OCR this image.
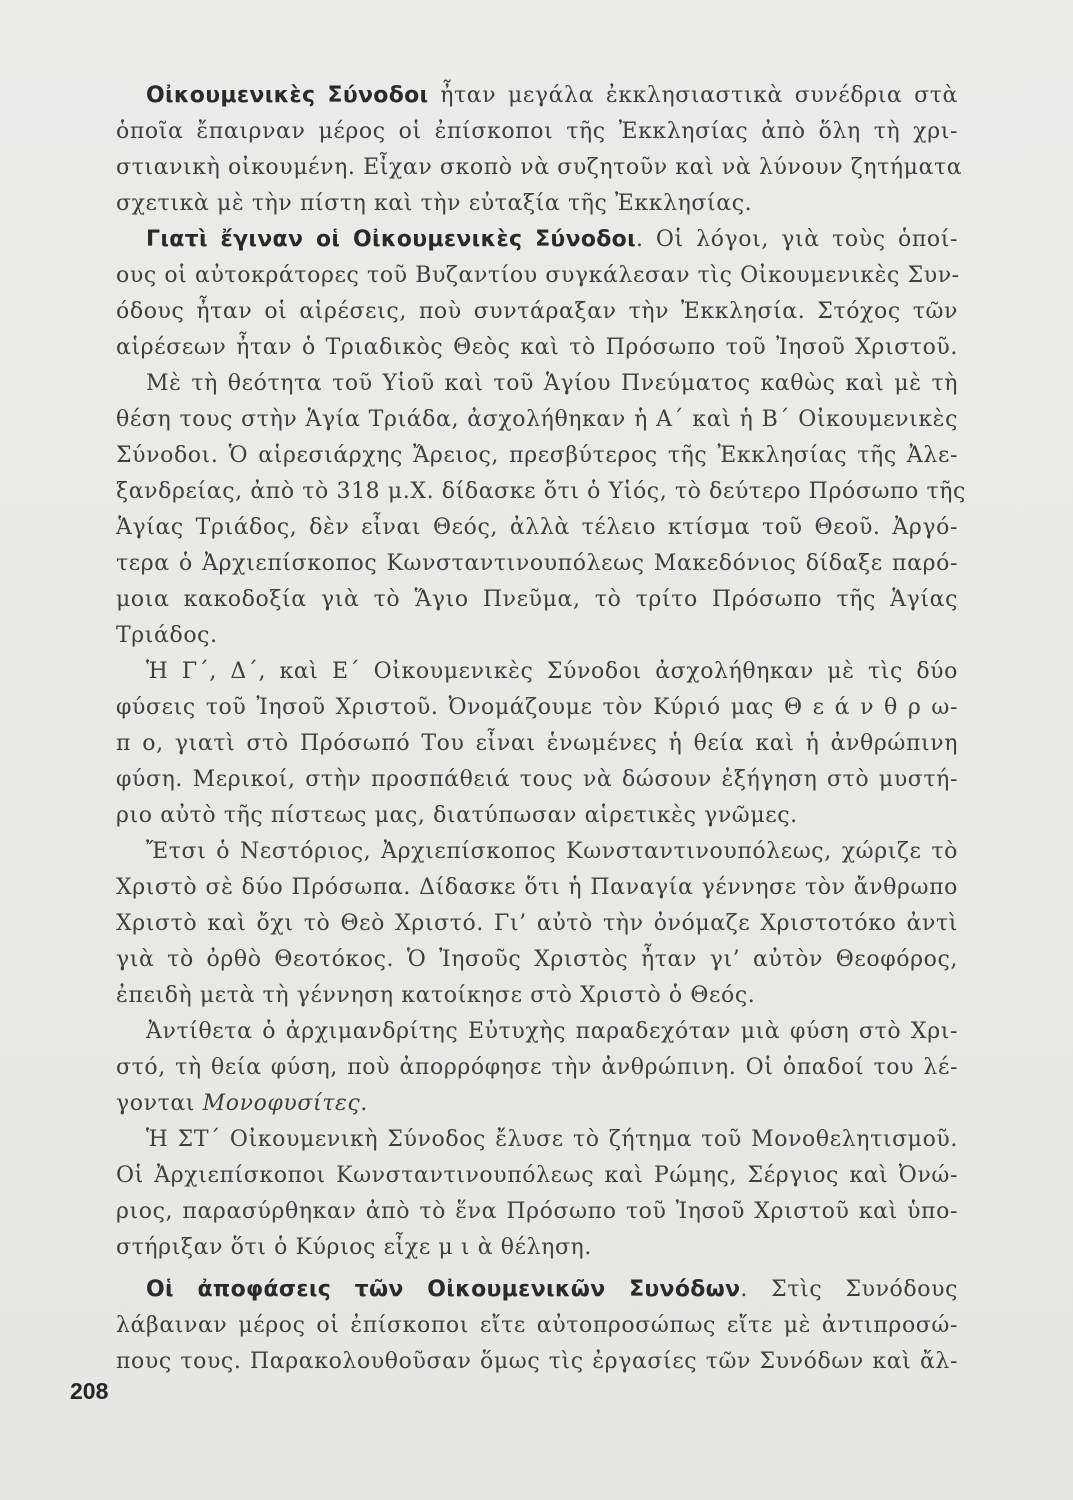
Οἰκουμενικὲς Σύνοδοι ἦταν μεγάλα ἐκκλησιαστικὰ συνέδρια στὰ
ὁποῖα ἔπαιρναν μέρος οἱ ἐπίσκοποι τῆς Ἐκκλησίας ἀπὸ ὅλη τὴ χρι-
στιανικὴ οἰκουμένη. Εἶχαν σκοπὸ νὰ συζητοῦν καὶ νὰ λύνουν ζητήματα
σχετικὰ μὲ τὴν πίστη καὶ τὴν εὐταξία τῆς Ἐκκλησίας.
Γιατὶ ἔγιναν οἱ Οἰκουμενικὲς Σύνοδοι. Οἱ λόγοι, γιὰ τοὺς ὁποί-
ους οἱ αὐτοκράτορες τοῦ Βυζαντίου συγκάλεσαν τὶς Οἰκουμενικὲς Συν-
όδους ἦταν οἱ αἱρέσεις, ποὺ συντάραξαν τὴν Ἐκκλησία. Στόχος τῶν
αἱρέσεων ἦταν ὁ Τριαδικὸς Θεὸς καὶ τὸ Πρόσωπο τοῦ Ἰησοῦ Χριστοῦ.
Μὲ τὴ θεότητα τοῦ Υἱοῦ καὶ τοῦ Ἁγίου Πνεύματος καθὼς καὶ μὲ τὴ
θέση τους στὴν Ἁγία Τριάδα, ἀσχολήθηκαν ἡ Α΄ καὶ ἡ Β΄ Οἰκουμενικὲς
Σύνοδοι. Ὁ αἱρεσιάρχης Ἄρειος, πρεσβύτερος τῆς Ἐκκλησίας τῆς Ἀλε-
ξανδρείας, ἀπὸ τὸ 318 μ.Χ. δίδασκε ὅτι ὁ Υἱός, τὸ δεύτερο Πρόσωπο τῆς
Ἁγίας Τριάδος, δὲν εἶναι Θεός, ἀλλὰ τέλειο κτίσμα τοῦ Θεοῦ. Ἀργό-
τερα ὁ Ἀρχιεπίσκοπος Κωνσταντινουπόλεως Μακεδόνιος δίδαξε παρό-
μοια κακοδοξία γιὰ τὸ Ἅγιο Πνεῦμα, τὸ τρίτο Πρόσωπο τῆς Ἁγίας
Τριάδος.
Ἡ Γ΄, Δ΄, καὶ Ε΄ Οἰκουμενικὲς Σύνοδοι ἀσχολήθηκαν μὲ τὶς δύο
φύσεις τοῦ Ἰησοῦ Χριστοῦ. Ὀνομάζουμε τὸν Κύριό μας Θ ε ά ν θ ρ ω-
π ο, γιατὶ στὸ Πρόσωπό Του εἶναι ἑνωμένες ἡ θεία καὶ ἡ ἀνθρώπινη
φύση. Μερικοί, στὴν προσπάθειά τους νὰ δώσουν ἐξήγηση στὸ μυστή-
ριο αὐτὸ τῆς πίστεως μας, διατύπωσαν αἱρετικὲς γνῶμες.
Ἔτσι ὁ Νεστόριος, Ἀρχιεπίσκοπος Κωνσταντινουπόλεως, χώριζε τὸ
Χριστὸ σὲ δύο Πρόσωπα. Δίδασκε ὅτι ἡ Παναγία γέννησε τὸν ἄνθρωπο
Χριστὸ καὶ ὄχι τὸ Θεὸ Χριστό. Γι’ αὐτὸ τὴν ὀνόμαζε Χριστοτόκο ἀντὶ
γιὰ τὸ ὀρθὸ Θεοτόκος. Ὁ Ἰησοῦς Χριστὸς ἦταν γι’ αὐτὸν Θεοφόρος,
ἐπειδὴ μετὰ τὴ γέννηση κατοίκησε στὸ Χριστὸ ὁ Θεός.
Ἀντίθετα ὁ ἀρχιμανδρίτης Εὐτυχὴς παραδεχόταν μιὰ φύση στὸ Χρι-
στό, τὴ θεία φύση, ποὺ ἀπορρόφησε τὴν ἀνθρώπινη. Οἱ ὀπαδοί του λέ-
γονται Μονοφυσίτες.
Ἡ ΣΤ΄ Οἰκουμενικὴ Σύνοδος ἔλυσε τὸ ζήτημα τοῦ Μονοθελητισμοῦ.
Οἱ Ἀρχιεπίσκοποι Κωνσταντινουπόλεως καὶ Ρώμης, Σέργιος καὶ Ὀνώ-
ριος, παρασύρθηκαν ἀπὸ τὸ ἕνα Πρόσωπο τοῦ Ἰησοῦ Χριστοῦ καὶ ὑπο-
στήριξαν ὅτι ὁ Κύριος εἶχε μ ι ὰ θέληση.
Οἱ ἀποφάσεις τῶν Οἰκουμενικῶν Συνόδων. Στὶς Συνόδους
λάβαιναν μέρος οἱ ἐπίσκοποι εἴτε αὐτοπροσώπως εἴτε μὲ ἀντιπροσώ-
πους τους. Παρακολουθοῦσαν ὅμως τὶς ἐργασίες τῶν Συνόδων καὶ ἄλ-
208
